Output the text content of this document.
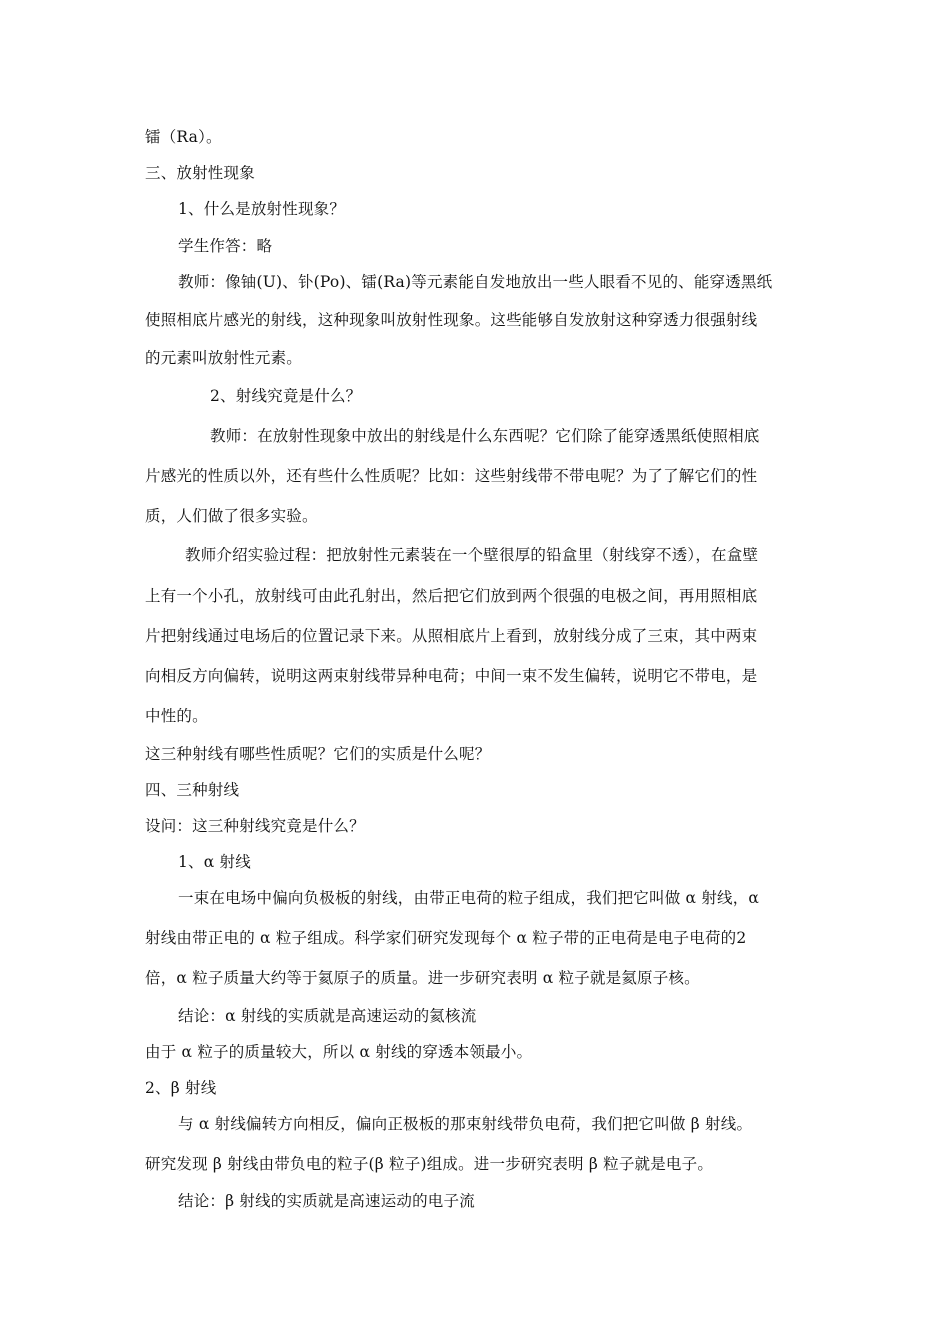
镭（Ra）。
三、放射性现象
1、什么是放射性现象？
学生作答：略
教师：像铀(U)、钋(Po)、镭(Ra)等元素能自发地放出一些人眼看不见的、能穿透黑纸
使照相底片感光的射线，这种现象叫放射性现象。这些能够自发放射这种穿透力很强射线
的元素叫放射性元素。
2、射线究竟是什么？
教师：在放射性现象中放出的射线是什么东西呢？它们除了能穿透黑纸使照相底
片感光的性质以外，还有些什么性质呢？比如：这些射线带不带电呢？为了了解它们的性
质，人们做了很多实验。
教师介绍实验过程：把放射性元素装在一个壁很厚的铅盒里（射线穿不透），在盒壁
上有一个小孔，放射线可由此孔射出，然后把它们放到两个很强的电极之间，再用照相底
片把射线通过电场后的位置记录下来。从照相底片上看到，放射线分成了三束，其中两束
向相反方向偏转，说明这两束射线带异种电荷；中间一束不发生偏转，说明它不带电，是
中性的。
这三种射线有哪些性质呢？它们的实质是什么呢？
四、三种射线
设问：这三种射线究竟是什么？
1、α 射线
一束在电场中偏向负极板的射线，由带正电荷的粒子组成，我们把它叫做 α 射线，α
射线由带正电的 α 粒子组成。科学家们研究发现每个 α 粒子带的正电荷是电子电荷的2
倍，α 粒子质量大约等于氦原子的质量。进一步研究表明 α 粒子就是氦原子核。
结论：α 射线的实质就是高速运动的氦核流
由于 α 粒子的质量较大，所以 α 射线的穿透本领最小。
2、β 射线
与 α 射线偏转方向相反，偏向正极板的那束射线带负电荷，我们把它叫做 β 射线。
研究发现 β 射线由带负电的粒子(β 粒子)组成。进一步研究表明 β 粒子就是电子。
结论：β 射线的实质就是高速运动的电子流
